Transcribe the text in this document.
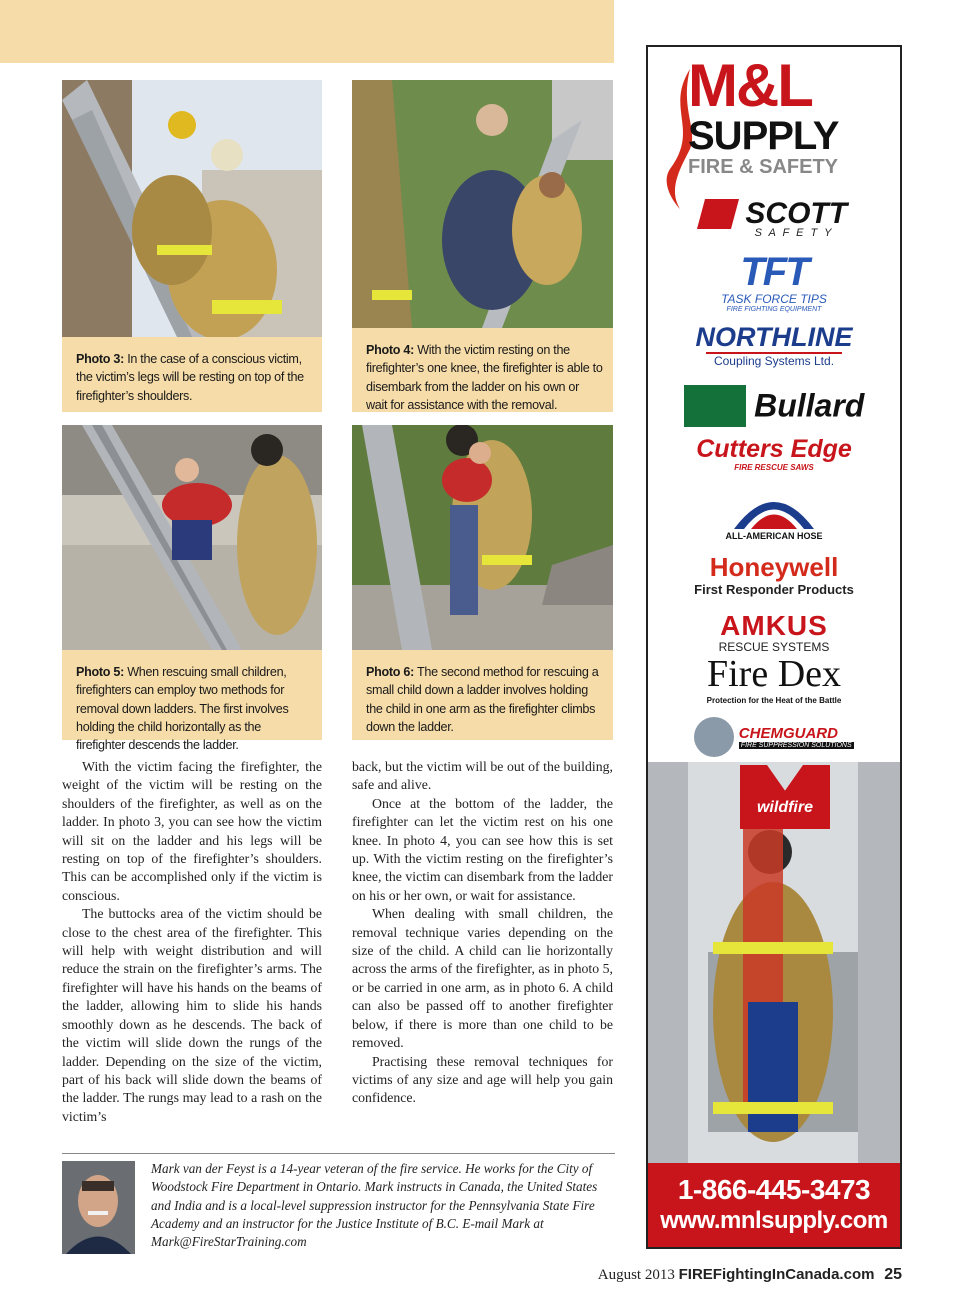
Photo 3: In the case of a conscious victim, the victim’s legs will be resting on top of the firefighter’s shoulders.
Photo 4: With the victim resting on the firefighter’s one knee, the firefighter is able to disembark from the ladder on his own or wait for assistance with the removal.
Photo 5: When rescuing small children, firefighters can employ two methods for removal down ladders. The first involves holding the child horizontally as the firefighter descends the ladder.
Photo 6: The second method for rescuing a small child down a ladder involves holding the child in one arm as the firefighter climbs down the ladder.

With the victim facing the firefighter, the weight of the victim will be resting on the shoulders of the firefighter, as well as on the ladder. In photo 3, you can see how the victim will sit on the ladder and his legs will be resting on top of the firefighter’s shoulders. This can be accomplished only if the victim is conscious.

The buttocks area of the victim should be close to the chest area of the firefighter. This will help with weight distribution and will reduce the strain on the firefighter’s arms. The firefighter will have his hands on the beams of the ladder, allowing him to slide his hands smoothly down as he descends. The back of the victim will slide down the rungs of the ladder. Depending on the size of the victim, part of his back will slide down the beams of the ladder. The rungs may lead to a rash on the victim’s

back, but the victim will be out of the building, safe and alive.

Once at the bottom of the ladder, the firefighter can let the victim rest on his one knee. In photo 4, you can see how this is set up. With the victim resting on the firefighter’s knee, the victim can disembark from the ladder on his or her own, or wait for assistance.

When dealing with small children, the removal technique varies depending on the size of the child. A child can lie horizontally across the arms of the firefighter, as in photo 5, or be carried in one arm, as in photo 6. A child can also be passed off to another firefighter below, if there is more than one child to be removed.

Practising these removal techniques for victims of any size and age will help you gain confidence.

Mark van der Feyst is a 14-year veteran of the fire service. He works for the City of Woodstock Fire Department in Ontario. Mark instructs in Canada, the United States and India and is a local-level suppression instructor for the Pennsylvania State Fire Academy and an instructor for the Justice Institute of B.C. E-mail Mark at Mark@FireStarTraining.com
August 2013 FIREFightingInCanada.com 25
M&L
SUPPLY
FIRE & SAFETY
SCOTT
S A F E T Y
TFT
TASK FORCE TIPS
FIRE FIGHTING EQUIPMENT
NORTHLINE
Coupling Systems Ltd.
Bullard
Cutters Edge
FIRE RESCUE SAWS
ALL-AMERICAN HOSE
Honeywell
First Responder Products
AMKUS
RESCUE SYSTEMS
Fire Dex
Protection for the Heat of the Battle

CHEMGUARD
FIRE SUPPRESSION SOLUTIONS
wildfire
1-866-445-3473
www.mnlsupply.com
